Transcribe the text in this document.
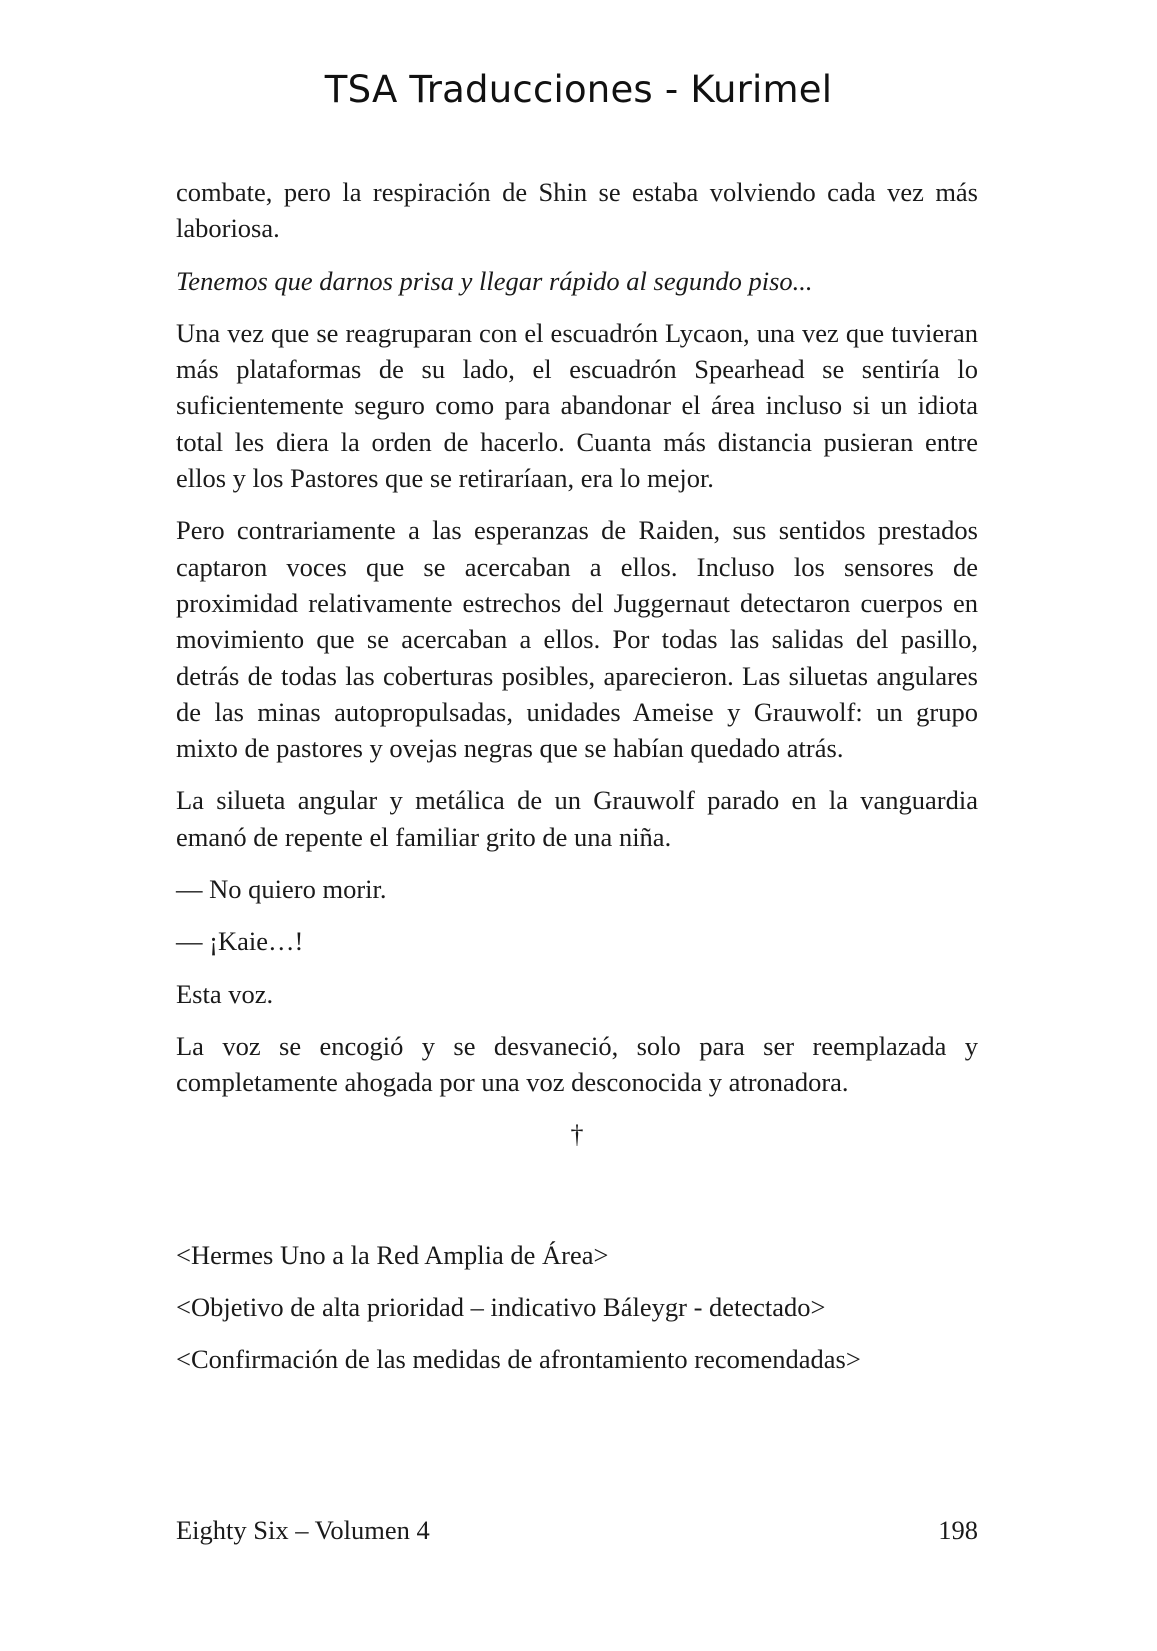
TSA Traducciones - Kurimel

combate, pero la respiración de Shin se estaba volviendo cada vez más laboriosa.

Tenemos que darnos prisa y llegar rápido al segundo piso...

Una vez que se reagruparan con el escuadrón Lycaon, una vez que tuvieran más plataformas de su lado, el escuadrón Spearhead se sentiría lo suficientemente seguro como para abandonar el área incluso si un idiota total les diera la orden de hacerlo. Cuanta más distancia pusieran entre ellos y los Pastores que se retiraríaan, era lo mejor.

Pero contrariamente a las esperanzas de Raiden, sus sentidos prestados captaron voces que se acercaban a ellos. Incluso los sensores de proximidad relativamente estrechos del Juggernaut detectaron cuerpos en movimiento que se acercaban a ellos. Por todas las salidas del pasillo, detrás de todas las coberturas posibles, aparecieron. Las siluetas angulares de las minas autopropulsadas, unidades Ameise y Grauwolf: un grupo mixto de pastores y ovejas negras que se habían quedado atrás.

La silueta angular y metálica de un Grauwolf parado en la vanguardia emanó de repente el familiar grito de una niña.

— No quiero morir.

— ¡Kaie…!

Esta voz.

La voz se encogió y se desvaneció, solo para ser reemplazada y completamente ahogada por una voz desconocida y atronadora.

†

<Hermes Uno a la Red Amplia de Área>

<Objetivo de alta prioridad – indicativo Báleygr - detectado>

<Confirmación de las medidas de afrontamiento recomendadas>

Eighty Six – Volumen 4	198
